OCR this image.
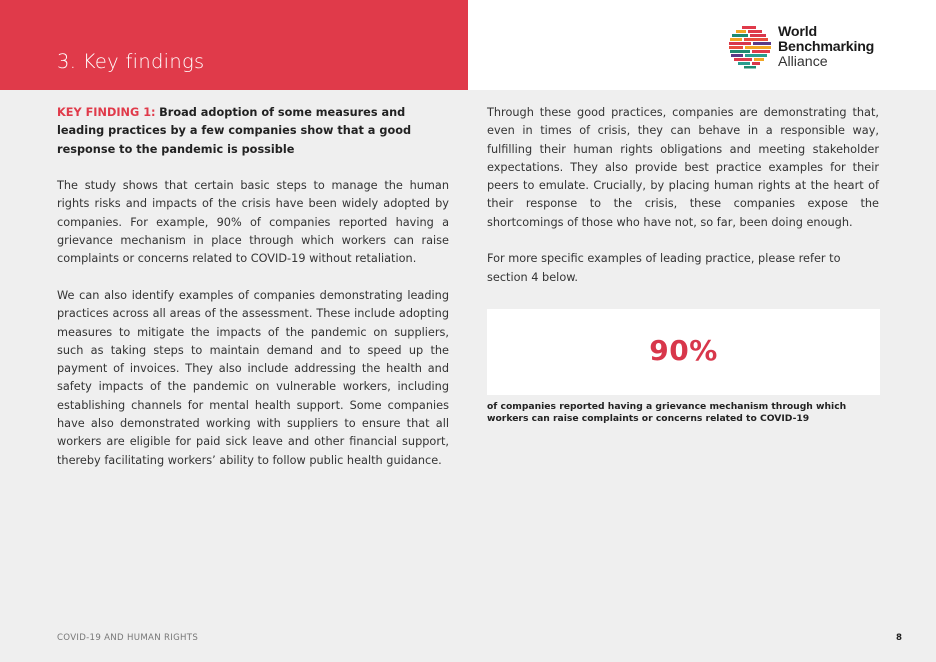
3. Key findings
World
Benchmarking
Alliance

KEY FINDING 1: Broad adoption of some measures and leading practices by a few companies show that a good response to the pandemic is possible

The study shows that certain basic steps to manage the human rights risks and impacts of the crisis have been widely adopted by companies. For example, 90% of companies reported having a grievance mechanism in place through which workers can raise complaints or concerns related to COVID-19 without retaliation.

We can also identify examples of companies demonstrating leading practices across all areas of the assessment. These include adopting measures to mitigate the impacts of the pandemic on suppliers, such as taking steps to maintain demand and to speed up the payment of invoices. They also include addressing the health and safety impacts of the pandemic on vulnerable workers, including establishing channels for mental health support. Some companies have also demonstrated working with suppliers to ensure that all workers are eligible for paid sick leave and other financial support, thereby facilitating workers’ ability to follow public health guidance.

Through these good practices, companies are demonstrating that, even in times of crisis, they can behave in a responsible way, fulfilling their human rights obligations and meeting stakeholder expectations. They also provide best practice examples for their peers to emulate. Crucially, by placing human rights at the heart of their response to the crisis, these companies expose the shortcomings of those who have not, so far, been doing enough.

For more specific examples of leading practice, please refer to section 4 below.

90%
of companies reported having a grievance mechanism through which workers can raise complaints or concerns related to COVID-19
COVID-19 AND HUMAN RIGHTS	8
